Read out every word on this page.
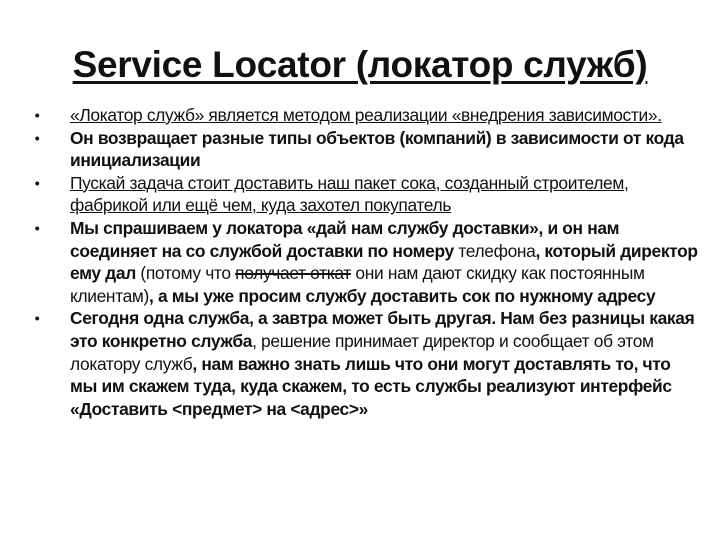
Service Locator (локатор служб)
• «Локатор служб» является методом реализации «внедрения зависимости».
• Он возвращает разные типы объектов (компаний) в зависимости от кода инициализации
• Пускай задача стоит доставить наш пакет сока, созданный строителем, фабрикой или ещё чем, куда захотел покупатель
• Мы спрашиваем у локатора «дай нам службу доставки», и он нам соединяет на со службой доставки по номеру телефона, который директор ему дал (потому что получает откат они нам дают скидку как постоянным клиентам), а мы уже просим службу доставить сок по нужному адресу
• Сегодня одна служба, а завтра может быть другая. Нам без разницы какая это конкретно служба, решение принимает директор и сообщает об этом локатору служб, нам важно знать лишь что они могут доставлять то, что мы им скажем туда, куда скажем, то есть службы реализуют интерфейс «Доставить <предмет> на <адрес>»
